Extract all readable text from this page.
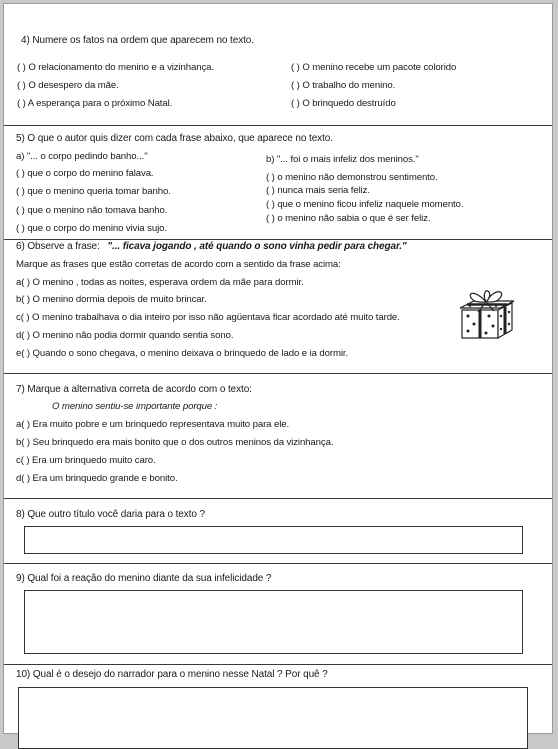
4) Numere os fatos na ordem que aparecem no texto.
( ) O relacionamento do menino e a vizinhança.
( ) O desespero da mãe.
( ) A esperança para o próximo Natal.
( ) O menino recebe um pacote colorido
( ) O trabalho do menino.
( ) O brinquedo destruído
5) O que o autor quis dizer com cada frase abaixo, que aparece no texto.
a) "... o corpo pedindo banho..."
( ) que o corpo do menino falava.
( ) que o menino queria tomar banho.
( ) que o menino não tomava banho.
( ) que o corpo do menino vivia sujo.
b) "... foi o mais infeliz dos meninos."
( ) o menino não demonstrou sentimento.
( ) nunca mais seria feliz.
( ) que o menino ficou infeliz naquele momento.
( ) o menino não sabia o que é ser feliz.
6) Observe a frase: "... ficava jogando , até quando o sono vinha pedir para chegar."
Marque as frases que estão corretas de acordo com a sentido da frase acima:
a( ) O menino , todas as noites, esperava ordem da mãe para dormir.
b( ) O menino dormia depois de muito brincar.
c( ) O menino trabalhava o dia inteiro por isso não agüentava ficar acordado até muito tarde.
d( ) O menino não podia dormir quando sentia sono.
e( ) Quando o sono chegava, o menino deixava o brinquedo de lado e ia dormir.
7) Marque a alternativa correta de acordo com o texto:
O menino sentiu-se importante porque :
a( ) Era muito pobre e um brinquedo representava muito para ele.
b( ) Seu brinquedo era mais bonito que o dos outros meninos da vizinhança.
c( ) Era um brinquedo muito caro.
d( ) Era um brinquedo grande e bonito.
8) Que outro título você daria para o texto ?
9) Qual foi a reação do menino diante da sua infelicidade ?
10) Qual é o desejo do narrador para o menino nesse Natal ? Por quê ?
